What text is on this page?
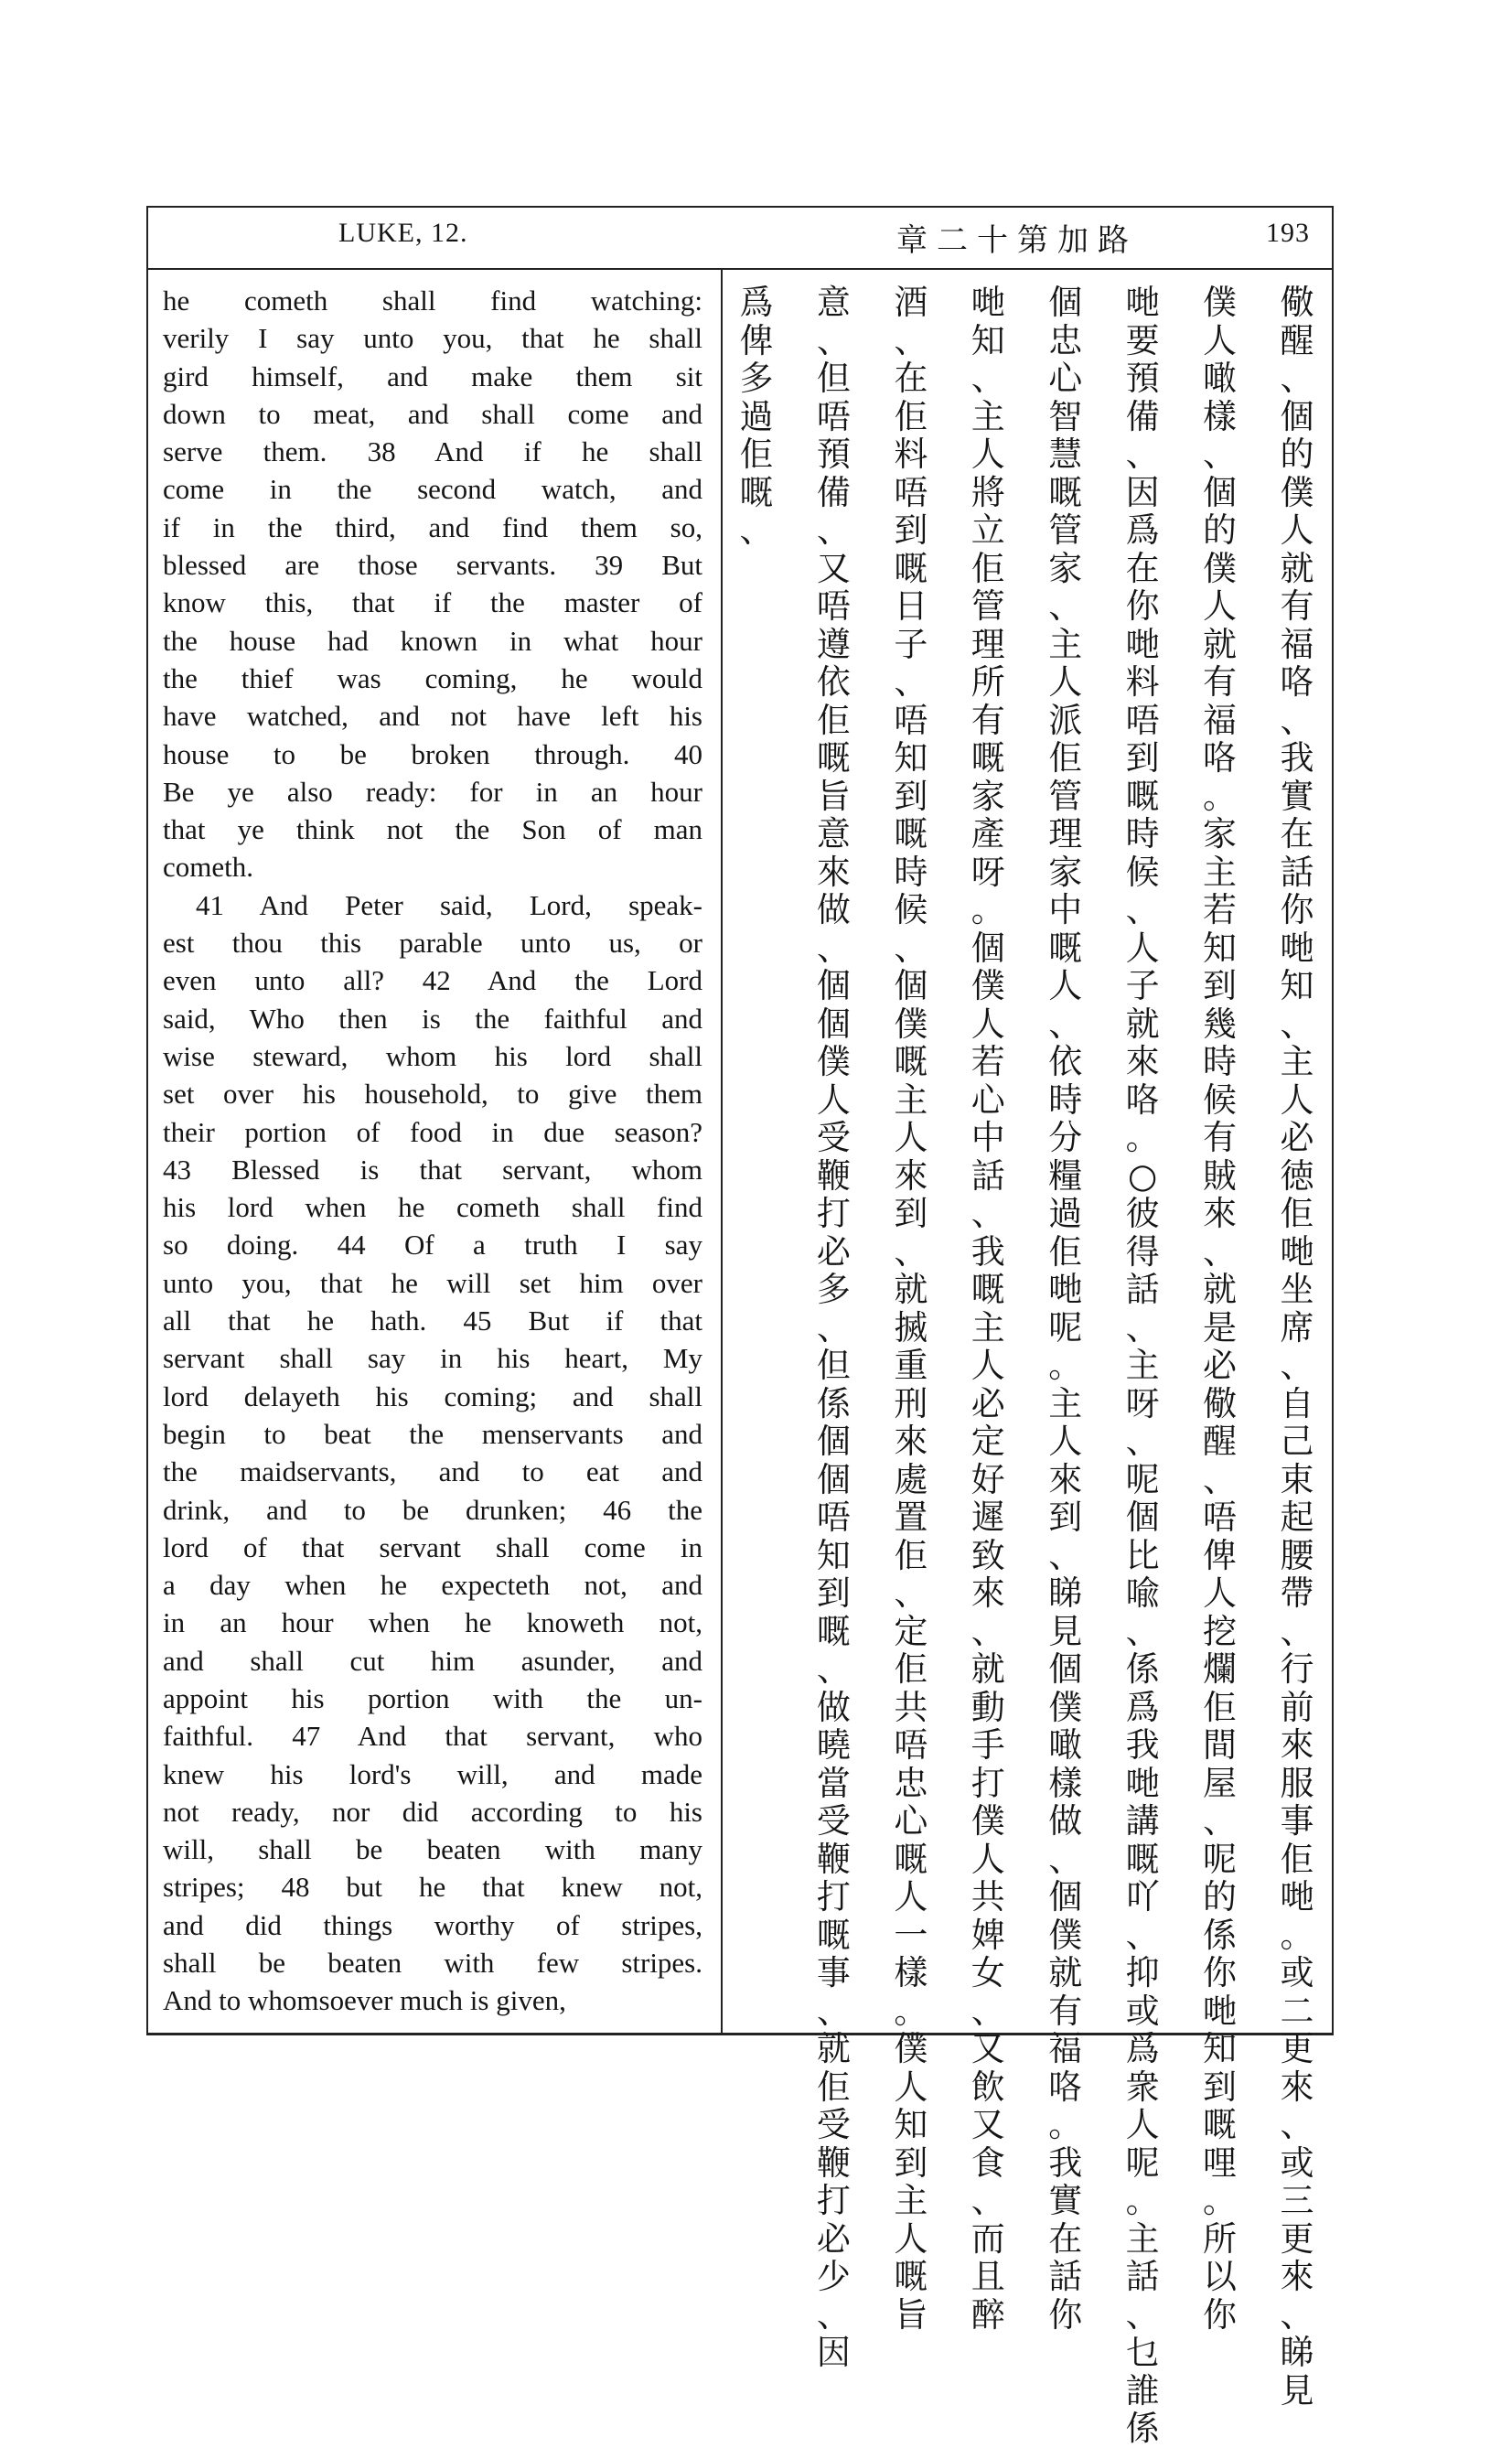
LUKE, 12.	章二十第加路	193
he cometh shall find watching:
verily I say unto you, that he shall
gird himself, and make them sit
down to meat, and shall come and
serve them. 38 And if he shall
come in the second watch, and
if in the third, and find them so,
blessed are those servants. 39 But
know this, that if the master of
the house had known in what hour
the thief was coming, he would
have watched, and not have left his
house to be broken through. 40
Be ye also ready: for in an hour
that ye think not the Son of man
cometh.
41 And Peter said, Lord, speak-
est thou this parable unto us, or
even unto all? 42 And the Lord
said, Who then is the faithful and
wise steward, whom his lord shall
set over his household, to give them
their portion of food in due season?
43 Blessed is that servant, whom
his lord when he cometh shall find
so doing. 44 Of a truth I say
unto you, that he will set him over
all that he hath. 45 But if that
servant shall say in his heart, My
lord delayeth his coming; and shall
begin to beat the menservants and
the maidservants, and to eat and
drink, and to be drunken; 46 the
lord of that servant shall come in
a day when he expecteth not, and
in an hour when he knoweth not,
and shall cut him asunder, and
appoint his portion with the un-
faithful. 47 And that servant, who
knew his lord's will, and made
not ready, nor did according to his
will, shall be beaten with many
stripes; 48 but he that knew not,
and did things worthy of stripes,
shall be beaten with few stripes.
And to whomsoever much is given,
儆
醒
、
個
的
僕
人
就
有
福
咯
、
我
實
在
話
你
哋
知
、
主
人
必
徳
佢
哋
坐
席
、
自
己
束
起
腰
帶
、
行
前
來
服
事
佢
哋
。
或
二
更
來
、
或
三
更
來
、
睇
見
僕
人
噉
樣
、
個
的
僕
人
就
有
福
咯
。
家
主
若
知
到
幾
時
候
有
賊
來
、
就
是
必
儆
醒
、
唔
俾
人
挖
爛
佢
間
屋
、
呢
的
係
你
哋
知
到
嘅
哩
。
所
以
你
哋
要
預
備
、
因
爲
在
你
哋
料
唔
到
嘅
時
候
、
人
子
就
來
咯
。
○
彼
得
話
、
主
呀
、
呢
個
比
喩
、
係
爲
我
哋
講
嘅
吖
、
抑
或
爲
衆
人
呢
。
主
話
、
乜
誰
係
個
忠
心
智
慧
嘅
管
家
、
主
人
派
佢
管
理
家
中
嘅
人
、
依
時
分
糧
過
佢
哋
呢
。
主
人
來
到
、
睇
見
個
僕
噉
樣
做
、
個
僕
就
有
福
咯
。
我
實
在
話
你
哋
知
、
主
人
將
立
佢
管
理
所
有
嘅
家
產
呀
。
個
僕
人
若
心
中
話
、
我
嘅
主
人
必
定
好
遲
致
來
、
就
動
手
打
僕
人
共
婢
女
、
又
飲
又
食
、
而
且
醉
酒
、
在
佢
料
唔
到
嘅
日
子
、
唔
知
到
嘅
時
候
、
個
僕
嘅
主
人
來
到
、
就
搣
重
刑
來
處
置
佢
、
定
佢
共
唔
忠
心
嘅
人
一
樣
。
僕
人
知
到
主
人
嘅
旨
意
、
但
唔
預
備
、
又
唔
遵
依
佢
嘅
旨
意
來
做
、
個
個
僕
人
受
鞭
打
必
多
、
但
係
個
個
唔
知
到
嘅
、
做
曉
當
受
鞭
打
嘅
事
、
就
佢
受
鞭
打
必
少
、
因
爲
俾
多
過
佢
嘅
、
